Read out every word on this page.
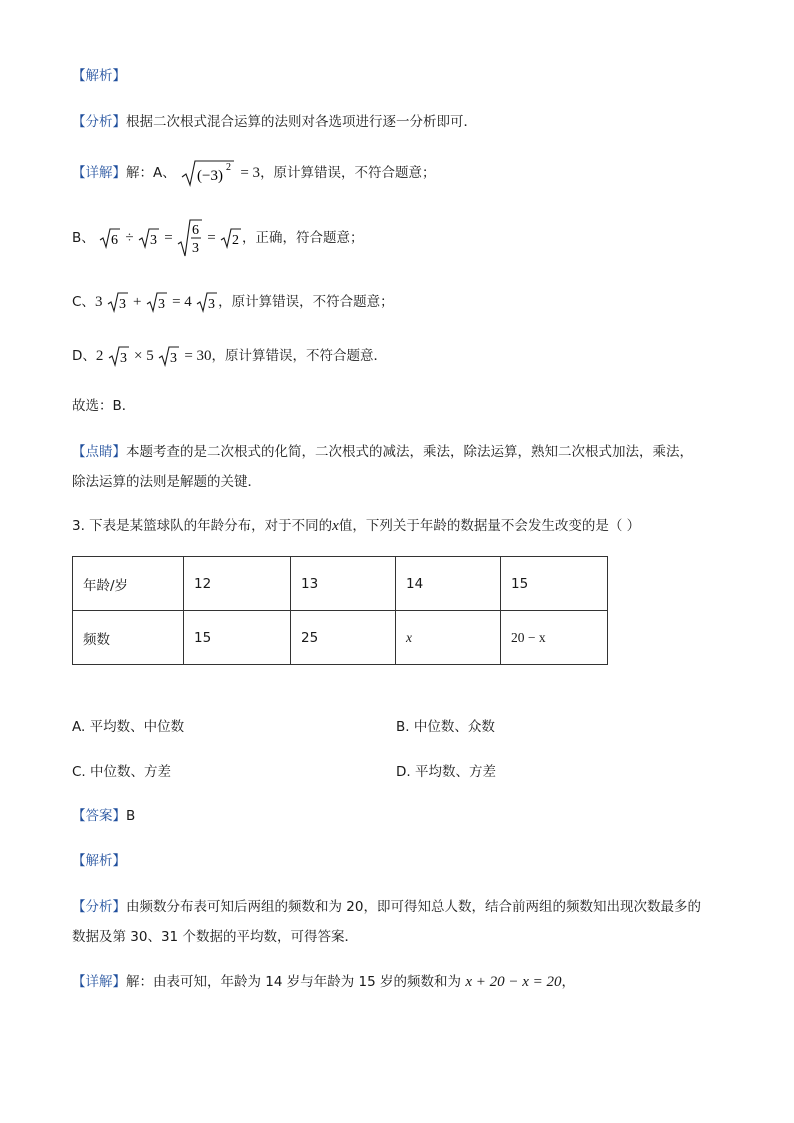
【解析】
【分析】根据二次根式混合运算的法则对各选项进行逐一分析即可．
【详解】解：A、 (−3)
2 = 3，原计算错误，不符合题意；
B、 6 ÷ 3 = 6
3
= 2 ，正确，符合题意；
C、3 3 + 3 = 4 3 ，原计算错误，不符合题意；
D、2 3 × 5 3 = 30，原计算错误，不符合题意．
故选：B．
【点睛】本题考查的是二次根式的化简，二次根式的减法，乘法，除法运算，熟知二次根式加法，乘法，
除法运算的法则是解题的关键．
3. 下表是某篮球队的年龄分布，对于不同的x值，下列关于年龄的数据量不会发生改变的是（ ）
年龄/岁	12	13	14	15
频数	15	25	x	20 − x
A. 平均数、中位数	B. 中位数、众数
C. 中位数、方差	D. 平均数、方差
【答案】B
【解析】
【分析】由频数分布表可知后两组的频数和为 20，即可得知总人数，结合前两组的频数知出现次数最多的
数据及第 30、31 个数据的平均数，可得答案．
【详解】解：由表可知，年龄为 14 岁与年龄为 15 岁的频数和为 x + 20 − x = 20，
